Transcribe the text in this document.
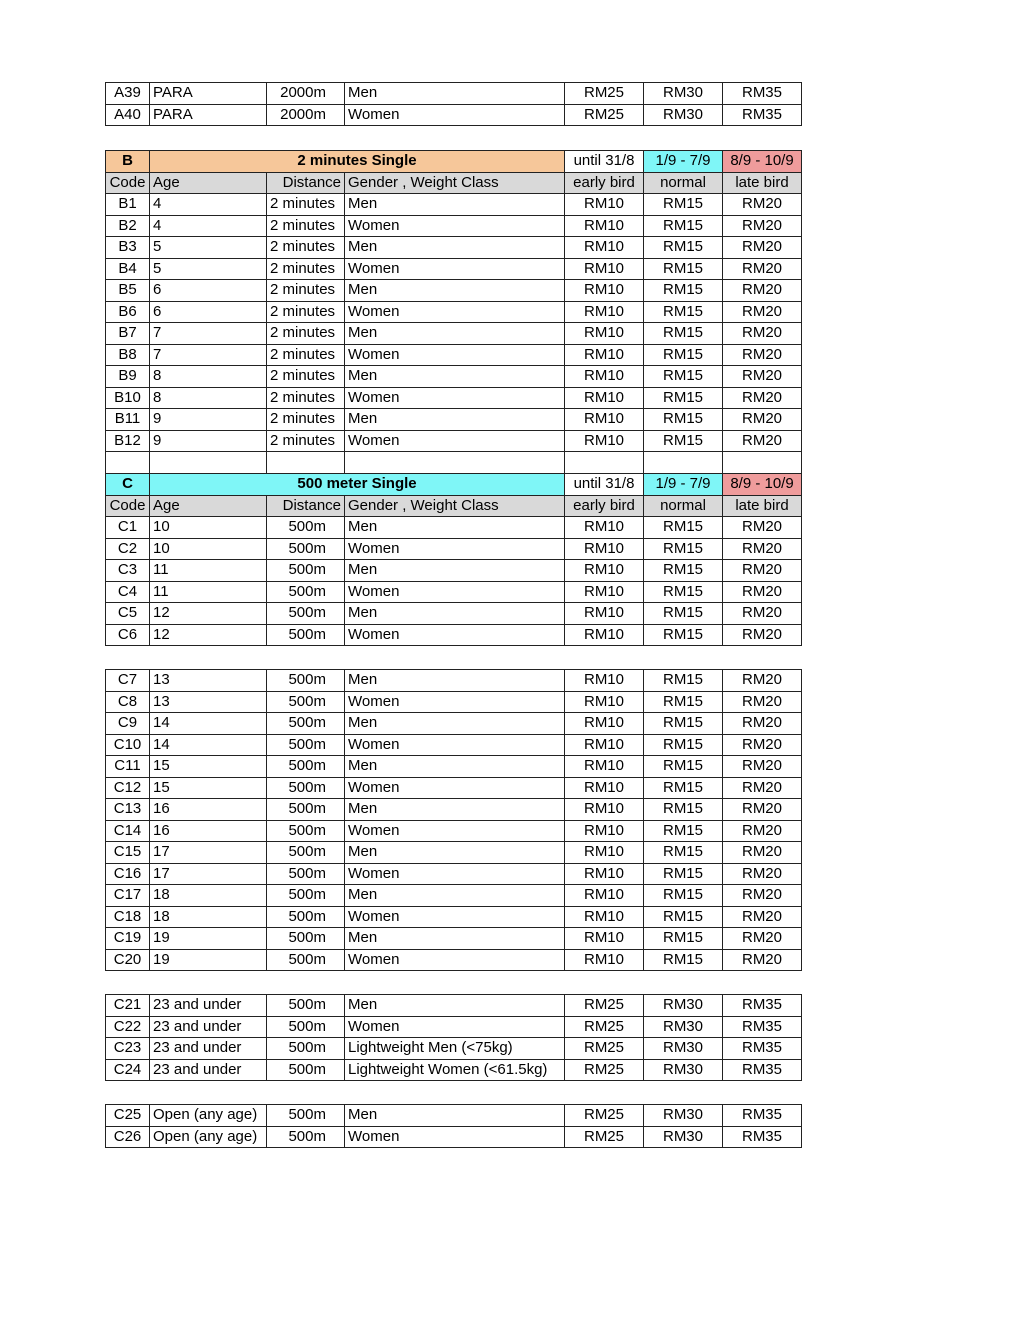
A39	PARA	2000m	Men	RM25	RM30	RM35
A40	PARA	2000m	Women	RM25	RM30	RM35
B	2 minutes Single			until 31/8	1/9 - 7/9	8/9 - 10/9
Code	Age	Distance	Gender , Weight Class	early bird	normal	late bird
B1	4	2 minutes	Men	RM10	RM15	RM20
B2	4	2 minutes	Women	RM10	RM15	RM20
B3	5	2 minutes	Men	RM10	RM15	RM20
B4	5	2 minutes	Women	RM10	RM15	RM20
B5	6	2 minutes	Men	RM10	RM15	RM20
B6	6	2 minutes	Women	RM10	RM15	RM20
B7	7	2 minutes	Men	RM10	RM15	RM20
B8	7	2 minutes	Women	RM10	RM15	RM20
B9	8	2 minutes	Men	RM10	RM15	RM20
B10	8	2 minutes	Women	RM10	RM15	RM20
B11	9	2 minutes	Men	RM10	RM15	RM20
B12	9	2 minutes	Women	RM10	RM15	RM20

C	500 meter Single			until 31/8	1/9 - 7/9	8/9 - 10/9
Code	Age	Distance	Gender , Weight Class	early bird	normal	late bird
C1	10	500m	Men	RM10	RM15	RM20
C2	10	500m	Women	RM10	RM15	RM20
C3	11	500m	Men	RM10	RM15	RM20
C4	11	500m	Women	RM10	RM15	RM20
C5	12	500m	Men	RM10	RM15	RM20
C6	12	500m	Women	RM10	RM15	RM20
C7	13	500m	Men	RM10	RM15	RM20
C8	13	500m	Women	RM10	RM15	RM20
C9	14	500m	Men	RM10	RM15	RM20
C10	14	500m	Women	RM10	RM15	RM20
C11	15	500m	Men	RM10	RM15	RM20
C12	15	500m	Women	RM10	RM15	RM20
C13	16	500m	Men	RM10	RM15	RM20
C14	16	500m	Women	RM10	RM15	RM20
C15	17	500m	Men	RM10	RM15	RM20
C16	17	500m	Women	RM10	RM15	RM20
C17	18	500m	Men	RM10	RM15	RM20
C18	18	500m	Women	RM10	RM15	RM20
C19	19	500m	Men	RM10	RM15	RM20
C20	19	500m	Women	RM10	RM15	RM20
C21	23 and under	500m	Men	RM25	RM30	RM35
C22	23 and under	500m	Women	RM25	RM30	RM35
C23	23 and under	500m	Lightweight Men (<75kg)	RM25	RM30	RM35
C24	23 and under	500m	Lightweight Women (<61.5kg)	RM25	RM30	RM35
C25	Open (any age)	500m	Men	RM25	RM30	RM35
C26	Open (any age)	500m	Women	RM25	RM30	RM35
